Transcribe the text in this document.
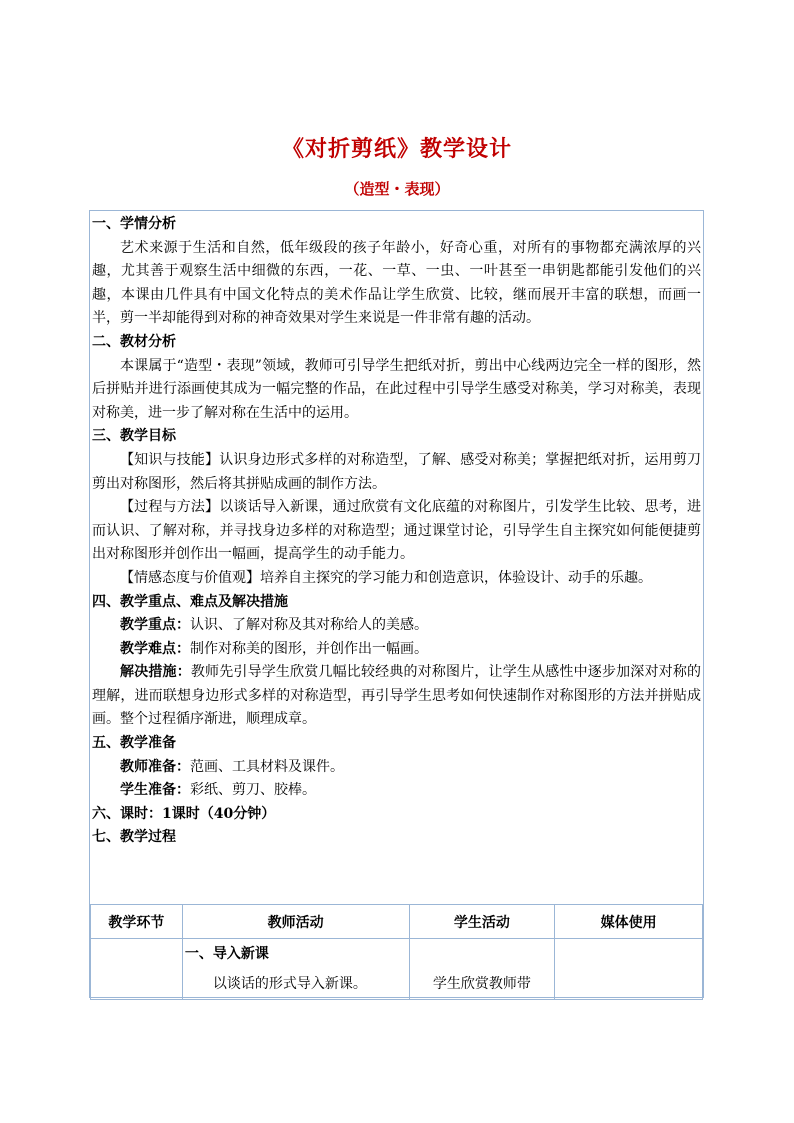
《对折剪纸》教学设计
（造型・表现）
一、学情分析

艺术来源于生活和自然，低年级段的孩子年龄小，好奇心重，对所有的事物都充满浓厚的兴趣，尤其善于观察生活中细微的东西，一花、一草、一虫、一叶甚至一串钥匙都能引发他们的兴趣，本课由几件具有中国文化特点的美术作品让学生欣赏、比较，继而展开丰富的联想，而画一半，剪一半却能得到对称的神奇效果对学生来说是一件非常有趣的活动。

二、教材分析

本课属于“造型・表现”领域，教师可引导学生把纸对折，剪出中心线两边完全一样的图形，然后拼贴并进行添画使其成为一幅完整的作品，在此过程中引导学生感受对称美，学习对称美，表现对称美，进一步了解对称在生活中的运用。

三、教学目标

【知识与技能】认识身边形式多样的对称造型，了解、感受对称美；掌握把纸对折，运用剪刀剪出对称图形，然后将其拼贴成画的制作方法。

【过程与方法】以谈话导入新课，通过欣赏有文化底蕴的对称图片，引发学生比较、思考，进而认识、了解对称，并寻找身边多样的对称造型；通过课堂讨论，引导学生自主探究如何能便捷剪出对称图形并创作出一幅画，提高学生的动手能力。

【情感态度与价值观】培养自主探究的学习能力和创造意识，体验设计、动手的乐趣。

四、教学重点、难点及解决措施

教学重点：认识、了解对称及其对称给人的美感。

教学难点：制作对称美的图形，并创作出一幅画。

解决措施：教师先引导学生欣赏几幅比较经典的对称图片，让学生从感性中逐步加深对对称的理解，进而联想身边形式多样的对称造型，再引导学生思考如何快速制作对称图形的方法并拼贴成画。整个过程循序渐进，顺理成章。

五、教学准备

教师准备：范画、工具材料及课件。

学生准备：彩纸、剪刀、胶棒。

六、课时：1课时（40分钟）
七、教学过程
教学环节	教师活动	学生活动	媒体使用

	一、导入新课
以谈话的形式导入新课。	学生欣赏教师带	
